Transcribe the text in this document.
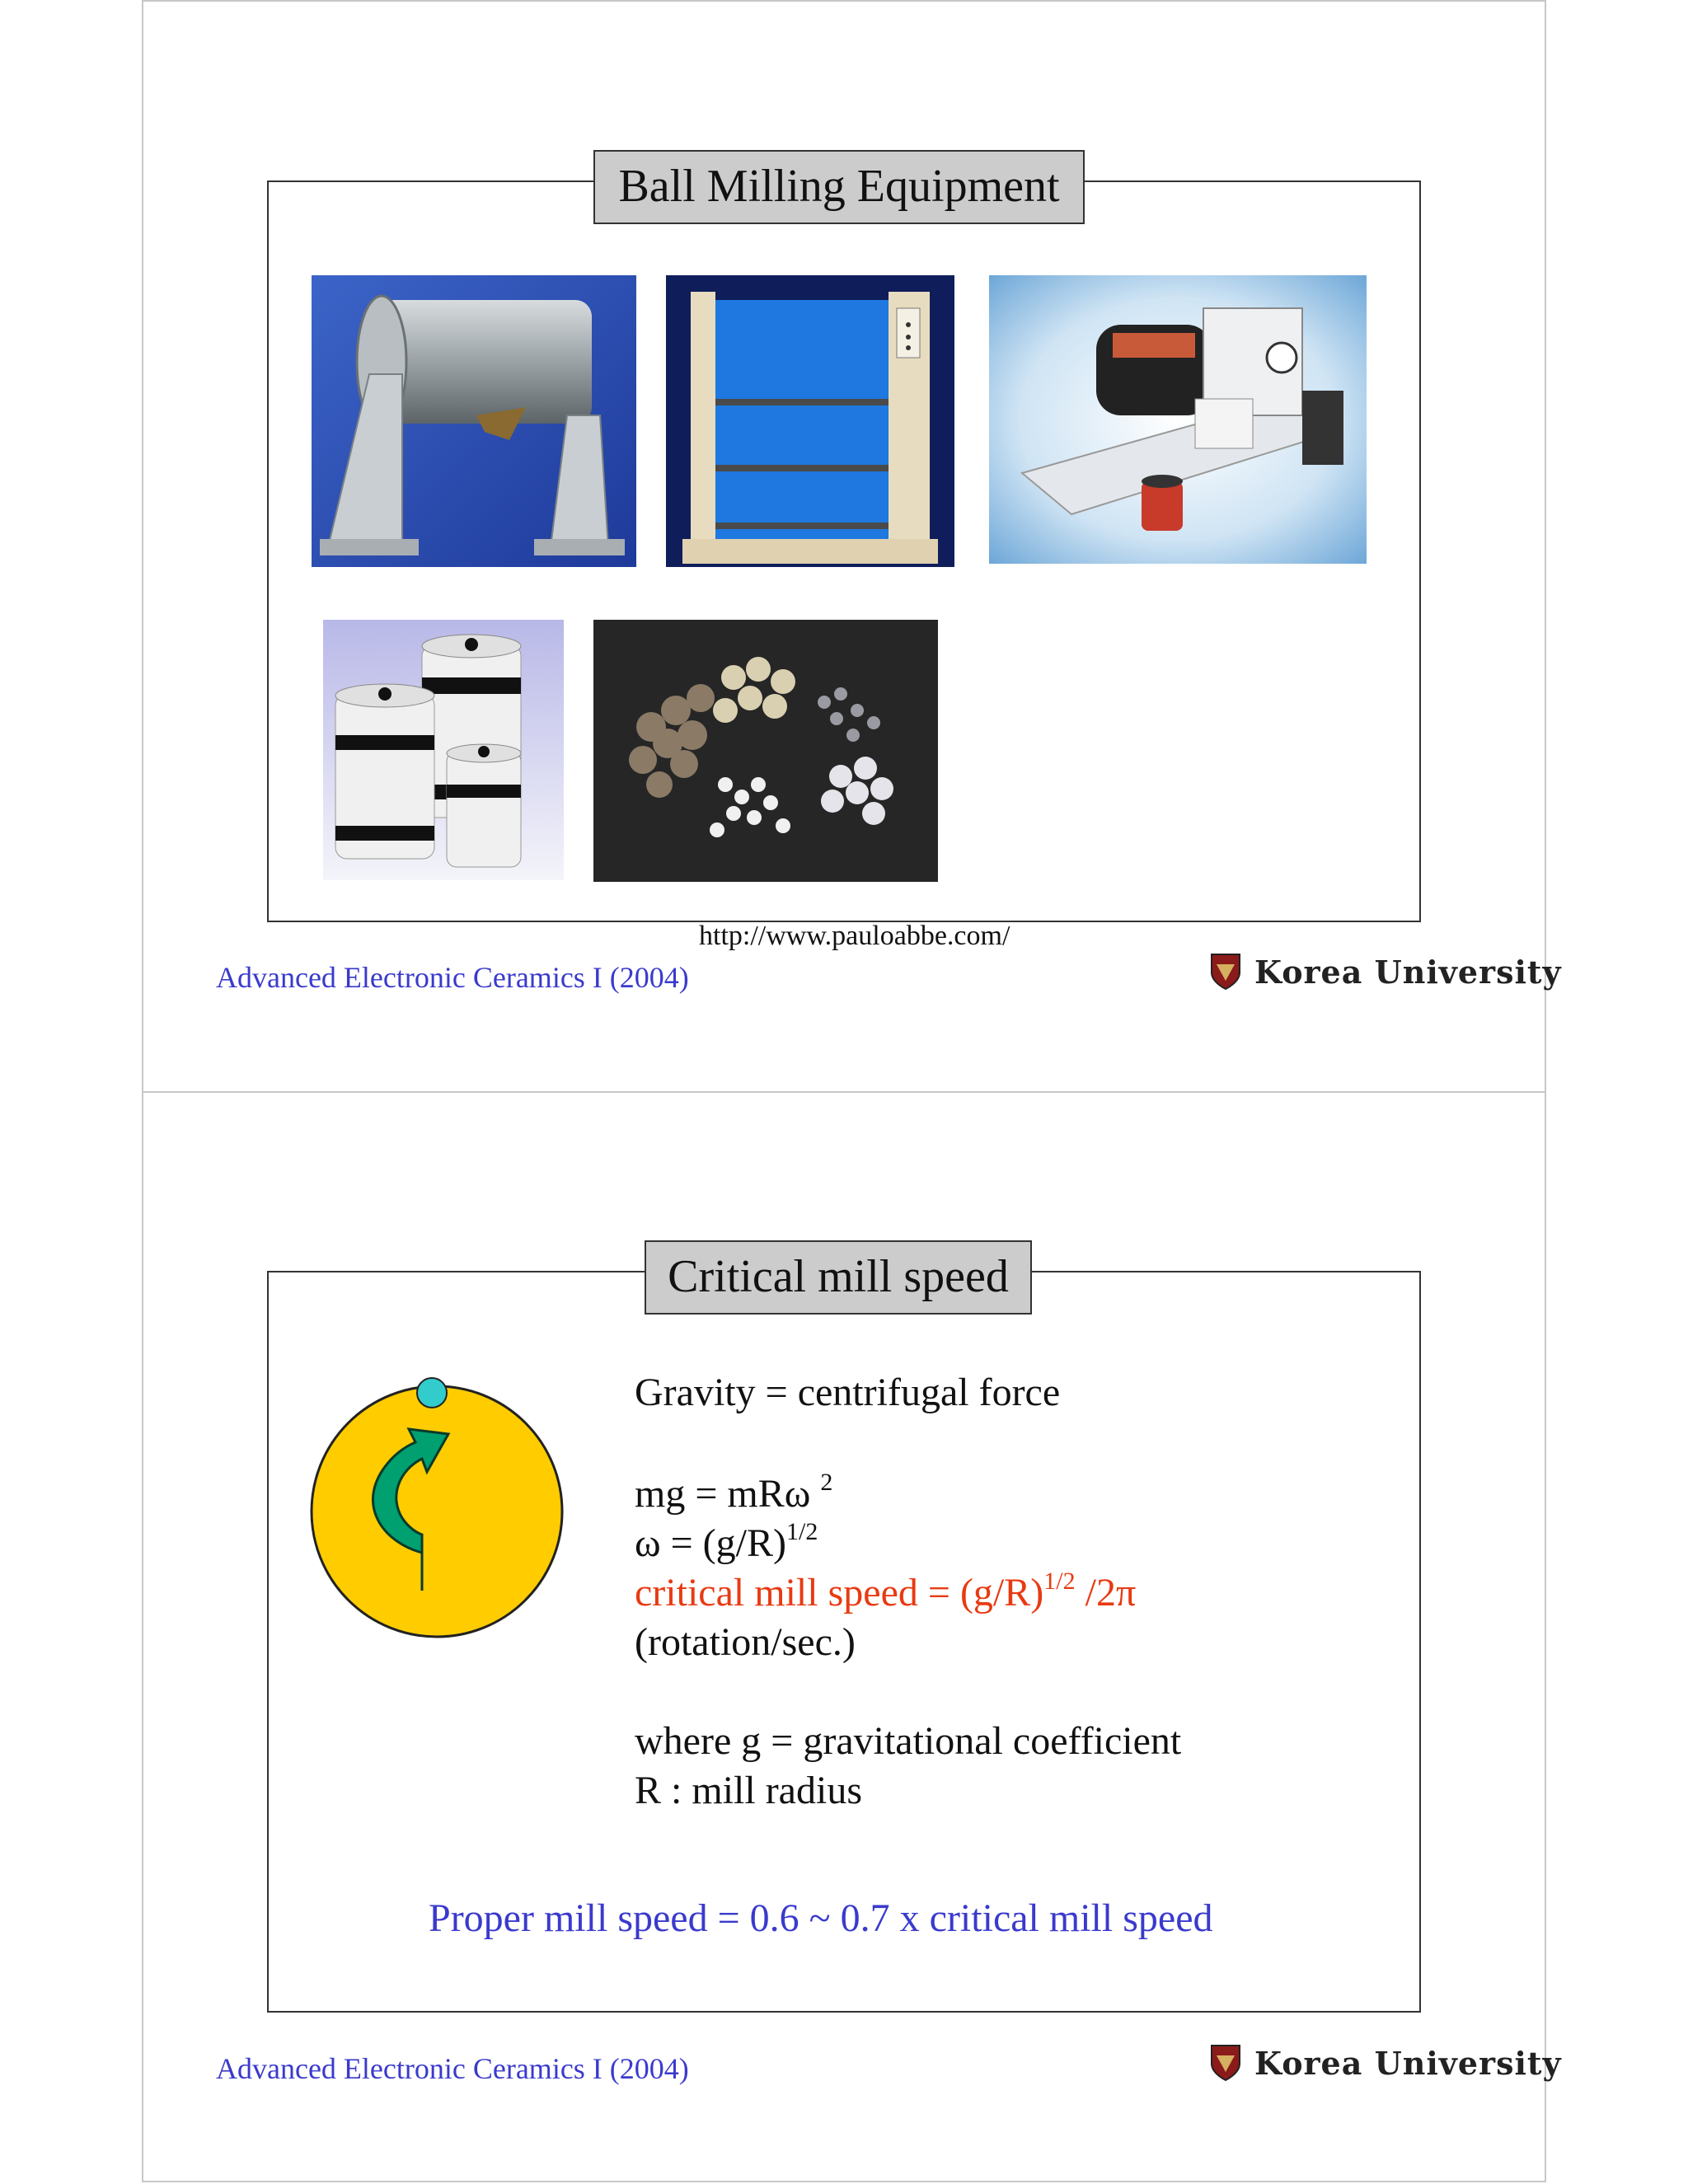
Ball Milling Equipment
http://www.pauloabbe.com/
Advanced Electronic Ceramics I (2004)	Korea University
Critical mill speed
Gravity = centrifugal force
mg = mRω $^2$
$\omega = (g/R)^{1/2}$
critical mill speed = $(g/R)^{1/2}$ /2π
(rotation/sec.)
where g = gravitational coefficient
R : mill radius
Proper mill speed = 0.6 ~ 0.7 x critical mill speed
Advanced Electronic Ceramics I (2004)	Korea University
